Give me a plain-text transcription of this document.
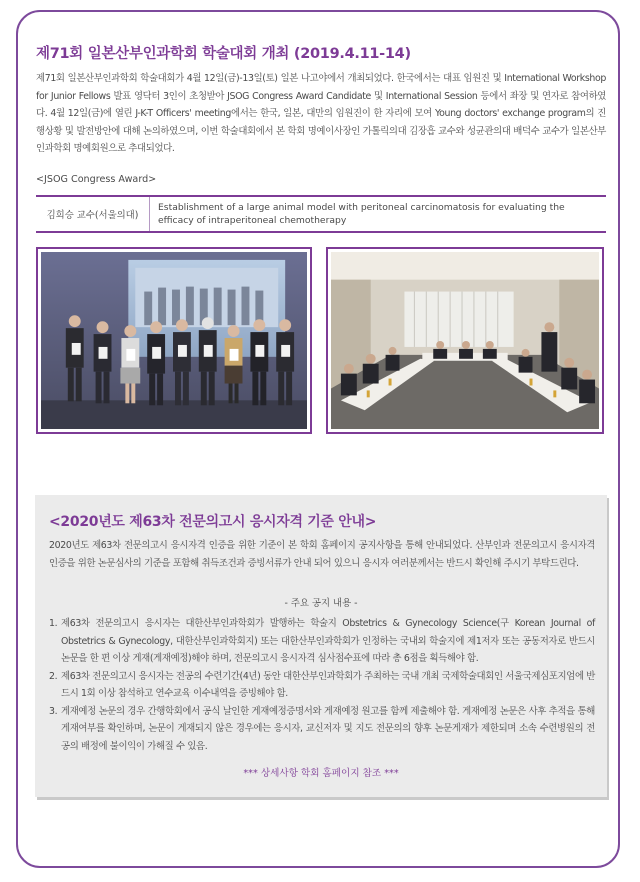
제71회 일본산부인과학회 학술대회 개최 (2019.4.11-14)
제71회 일본산부인과학회 학술대회가 4월 12일(금)-13일(토) 일본 나고야에서 개최되었다. 한국에서는 대표 임원진 및 International Workshop for Junior Fellows 발표 영닥터 3인이 초청받아 JSOG Congress Award Candidate 및 International Session 등에서 좌장 및 연자로 참여하였다. 4월 12일(금)에 열린 J-K-T Officers' meeting에서는 한국, 일본, 대만의 임원진이 한 자리에 모여 Young doctors' exchange program의 진행상황 및 발전방안에 대해 논의하였으며, 이번 학술대회에서 본 학회 명예이사장인 가톨릭의대 김장흡 교수와 성균관의대 배덕수 교수가 일본산부인과학회 명예회원으로 추대되었다.
<JSOG Congress Award>
김희승 교수(서울의대)
Establishment of a large animal model with peritoneal carcinomatosis for evaluating the efficacy of intraperitoneal chemotherapy
<2020년도 제63차 전문의고시 응시자격 기준 안내>
2020년도 제63차 전문의고시 응시자격 인증을 위한 기준이 본 학회 홈페이지 공지사항을 통해 안내되었다. 산부인과 전문의고시 응시자격 인증을 위한 논문심사의 기준을 포함해 취득조건과 증빙서류가 안내 되어 있으니 응시자 여러분께서는 반드시 확인해 주시기 부탁드린다.
- 주요 공지 내용 -
1. 제63차 전문의고시 응시자는 대한산부인과학회가 발행하는 학술지 Obstetrics & Gynecology Science(구 Korean Journal of Obstetrics & Gynecology, 대한산부인과학회지) 또는 대한산부인과학회가 인정하는 국내외 학술지에 제1저자 또는 공동저자로 반드시 논문을 한 편 이상 게재(게재예정)해야 하며, 전문의고시 응시자격 심사점수표에 따라 총 6점을 획득해야 함.
2. 제63차 전문의고시 응시자는 전공의 수련기간(4년) 동안 대한산부인과학회가 주최하는 국내 개최 국제학술대회인 서울국제심포지엄에 반드시 1회 이상 참석하고 연수교육 이수내역을 증빙해야 함.
3. 게재예정 논문의 경우 간행학회에서 공식 날인한 게재예정증명서와 게재예정 원고를 함께 제출해야 함. 게재예정 논문은 사후 추적을 통해 게재여부를 확인하며, 논문이 게재되지 않은 경우에는 응시자, 교신저자 및 지도 전문의의 향후 논문게재가 제한되며 소속 수련병원의 전공의 배정에 불이익이 가해질 수 있음.
*** 상세사항 학회 홈페이지 참조 ***
